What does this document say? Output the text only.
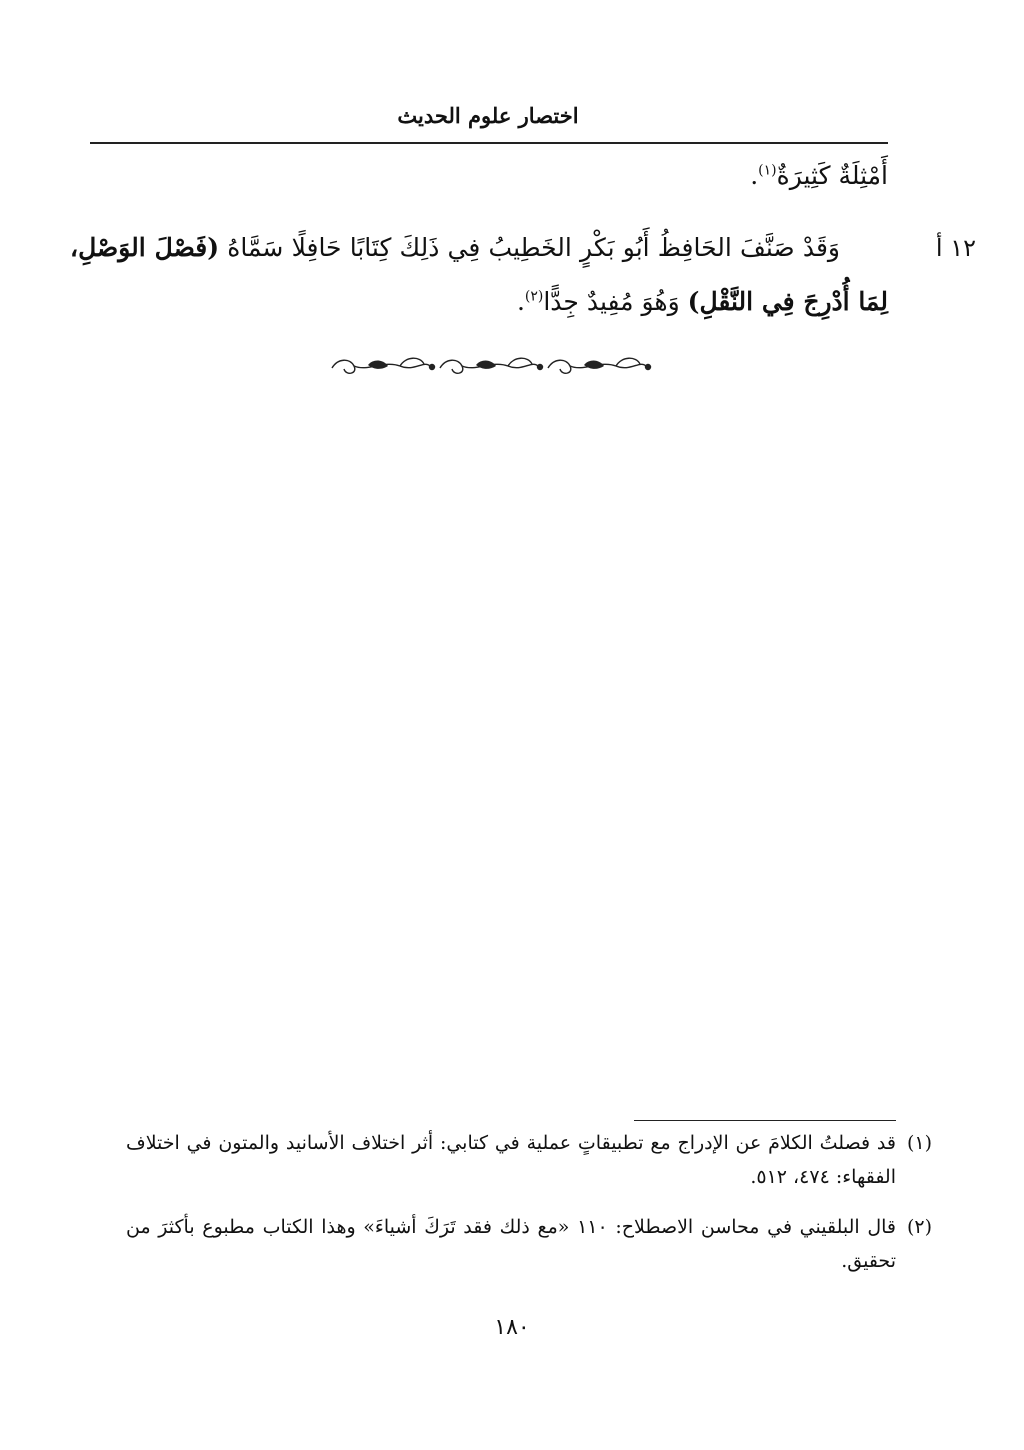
اختصار علوم الحديث
أَمْثِلَةٌ كَثِيرَةٌ$^{(١)}$.
١٢ أ
وَقَدْ صَنَّفَ الحَافِظُ أَبُو بَكْرٍ الخَطِيبُ فِي ذَلِكَ كِتَابًا حَافِلًا سَمَّاهُ (فَصْلَ الوَصْلِ،
لِمَا أُدْرِجَ فِي النَّقْلِ) وَهُوَ مُفِيدٌ جِدًّا$^{(٢)}$.
(١)
قد فصلتُ الكلامَ عن الإدراج مع تطبيقاتٍ عملية في كتابي: أثر اختلاف الأسانيد والمتون في اختلاف الفقهاء: ٤٧٤، ٥١٢.
(٢)
قال البلقيني في محاسن الاصطلاح: ١١٠ «مع ذلك فقد تَرَكَ أشياءَ» وهذا الكتاب مطبوع بأكثرَ من تحقيق.
١٨٠
